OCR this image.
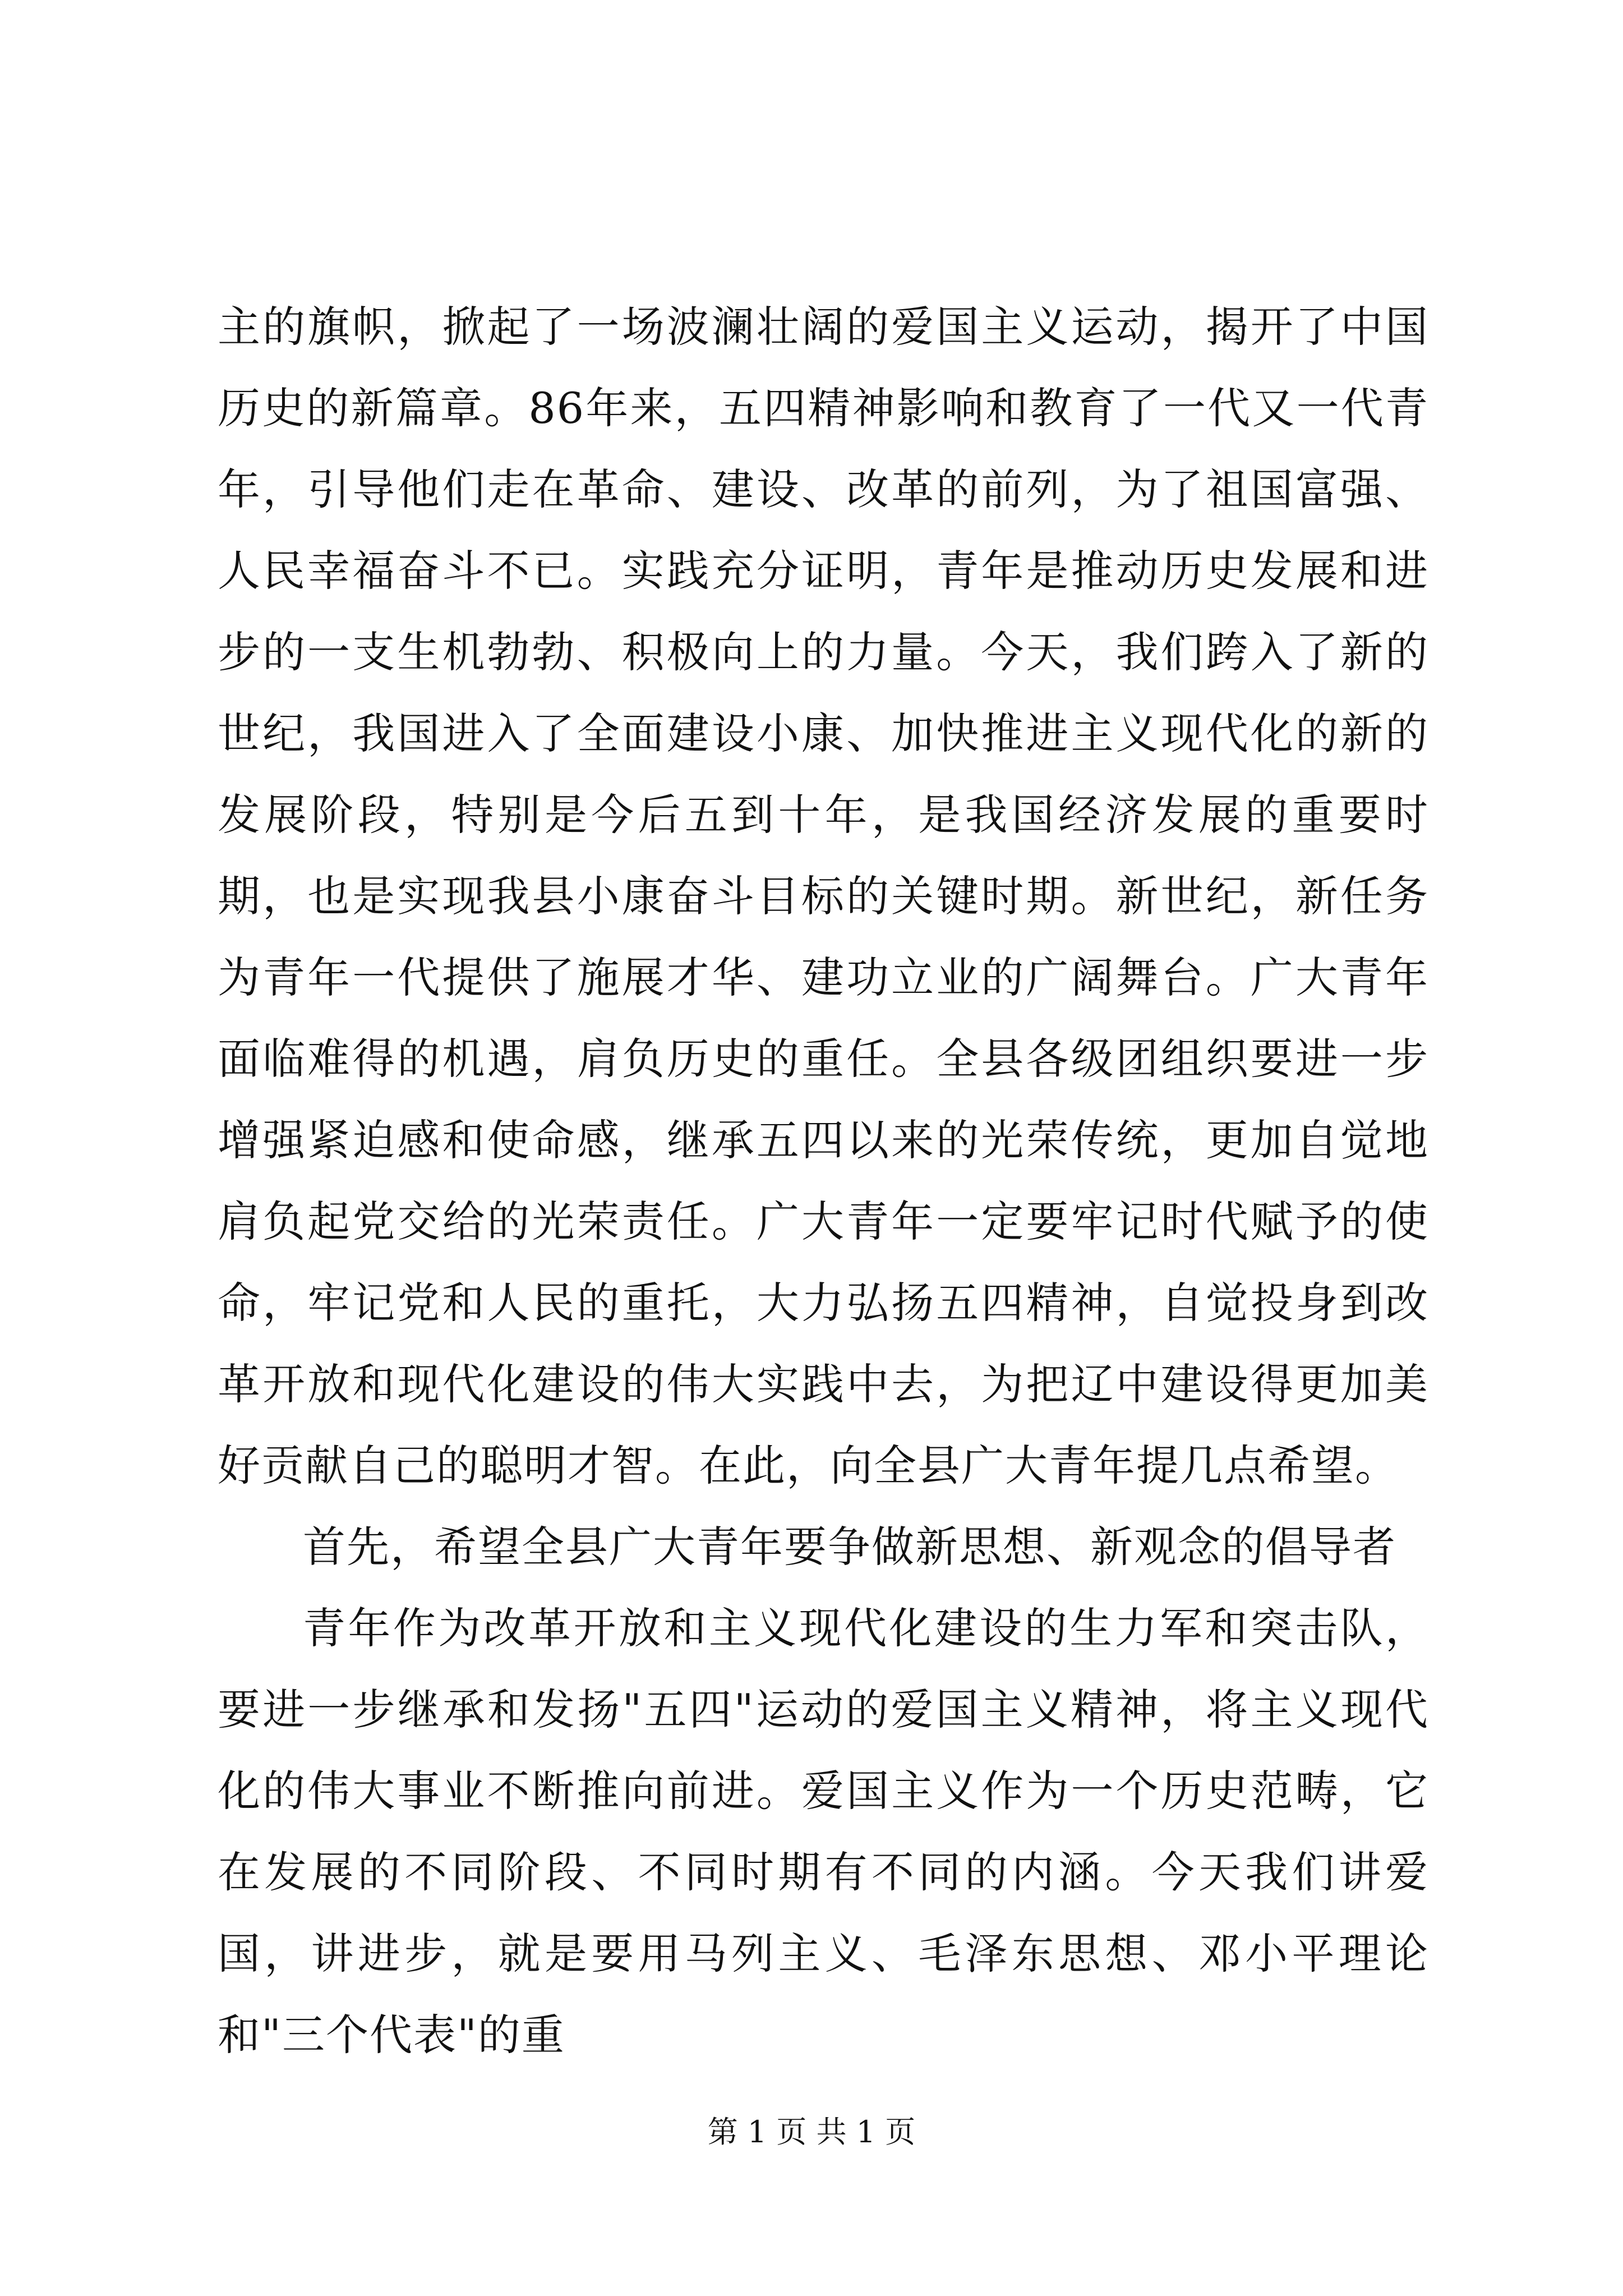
主的旗帜，掀起了一场波澜壮阔的爱国主义运动，揭开了中国历史的新篇章。86年来，五四精神影响和教育了一代又一代青年，引导他们走在革命、建设、改革的前列，为了祖国富强、人民幸福奋斗不已。实践充分证明，青年是推动历史发展和进步的一支生机勃勃、积极向上的力量。今天，我们跨入了新的世纪，我国进入了全面建设小康、加快推进主义现代化的新的发展阶段，特别是今后五到十年，是我国经济发展的重要时期，也是实现我县小康奋斗目标的关键时期。新世纪，新任务为青年一代提供了施展才华、建功立业的广阔舞台。广大青年面临难得的机遇，肩负历史的重任。全县各级团组织要进一步增强紧迫感和使命感，继承五四以来的光荣传统，更加自觉地肩负起党交给的光荣责任。广大青年一定要牢记时代赋予的使命，牢记党和人民的重托，大力弘扬五四精神，自觉投身到改革开放和现代化建设的伟大实践中去，为把辽中建设得更加美好贡献自己的聪明才智。在此，向全县广大青年提几点希望。

首先，希望全县广大青年要争做新思想、新观念的倡导者

青年作为改革开放和主义现代化建设的生力军和突击队，要进一步继承和发扬"五四"运动的爱国主义精神，将主义现代化的伟大事业不断推向前进。爱国主义作为一个历史范畴，它在发展的不同阶段、不同时期有不同的内涵。今天我们讲爱国，讲进步，就是要用马列主义、毛泽东思想、邓小平理论和"三个代表"的重

第 1 页 共 1 页
